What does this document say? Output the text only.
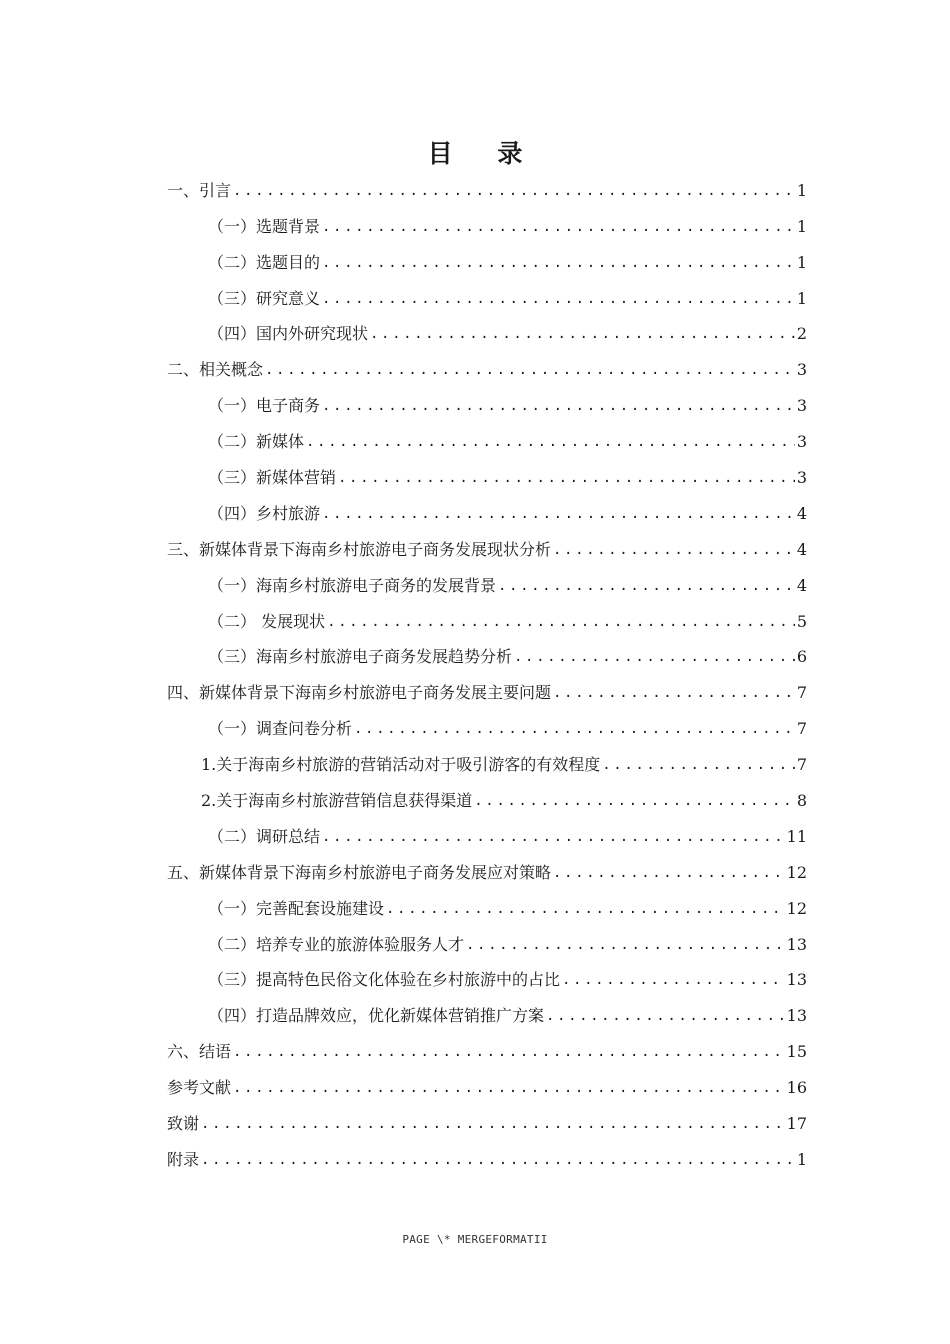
目 录
一、引言 .....	1
（一）选题背景 .....	1
（二）选题目的 .....	1
（三）研究意义 .....	1
（四）国内外研究现状 .....	2
二、相关概念 .....	3
（一）电子商务 .....	3
（二）新媒体 .....	3
（三）新媒体营销 .....	3
（四）乡村旅游 .....	4
三、新媒体背景下海南乡村旅游电子商务发展现状分析 .....	4
（一）海南乡村旅游电子商务的发展背景 .....	4
（二） 发展现状 .....	5
（三）海南乡村旅游电子商务发展趋势分析 .....	6
四、新媒体背景下海南乡村旅游电子商务发展主要问题 .....	7
（一）调查问卷分析 .....	7
1.关于海南乡村旅游的营销活动对于吸引游客的有效程度 .....	7
2.关于海南乡村旅游营销信息获得渠道 .....	8
（二）调研总结 .....	11
五、新媒体背景下海南乡村旅游电子商务发展应对策略 .....	12
（一）完善配套设施建设 .....	12
（二）培养专业的旅游体验服务人才 .....	13
（三）提高特色民俗文化体验在乡村旅游中的占比 .....	13
（四）打造品牌效应，优化新媒体营销推广方案 .....	13
六、结语 .....	15
参考文献 .....	16
致谢 .....	17
附录 .....	1
PAGE \* MERGEFORMATII
